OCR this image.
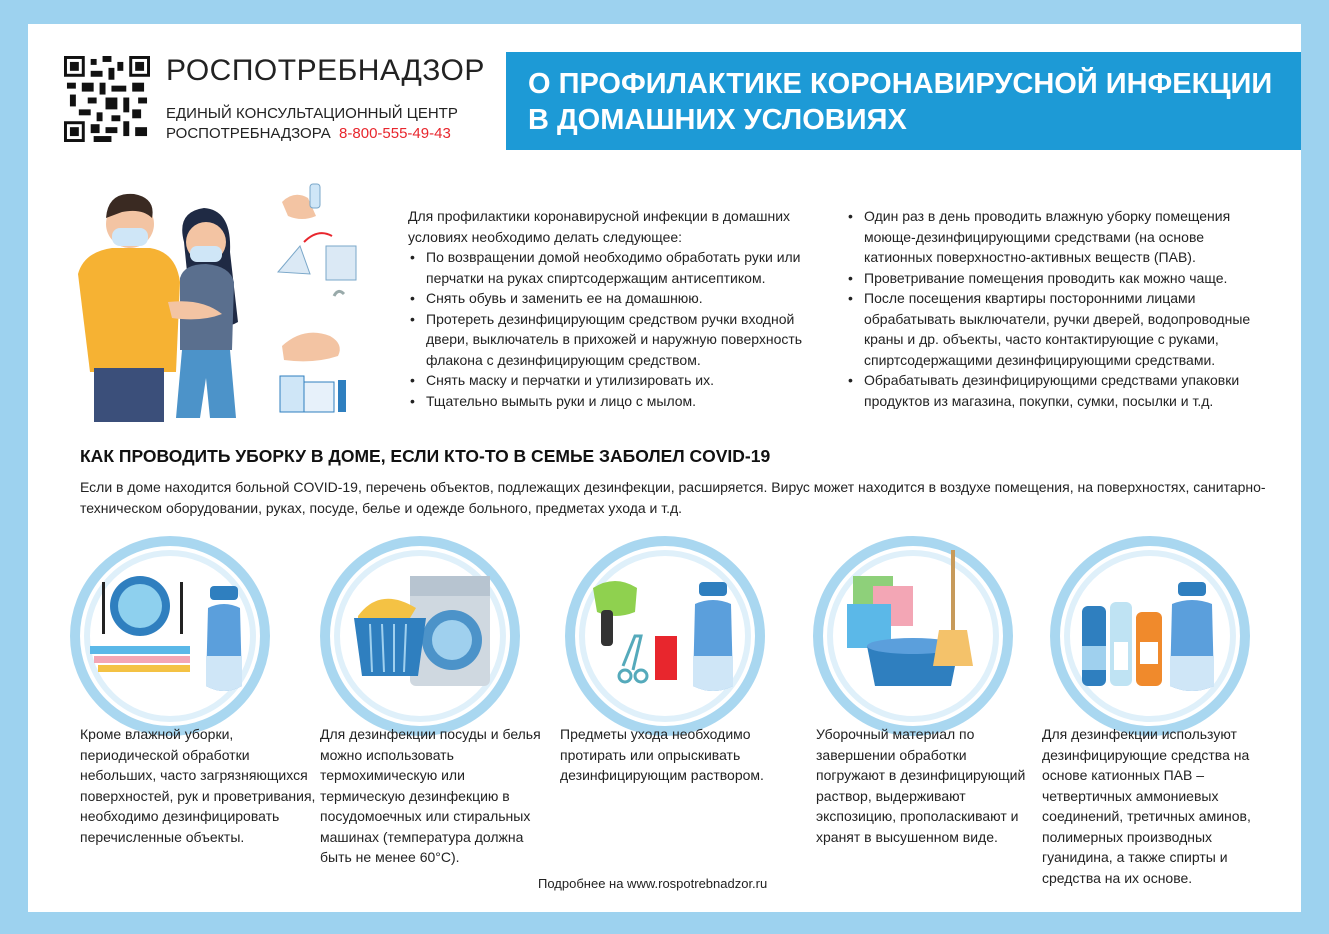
РОСПОТРЕБНАДЗОР
ЕДИНЫЙ КОНСУЛЬТАЦИОННЫЙ ЦЕНТР
РОСПОТРЕБНАДЗОРА 8-800-555-49-43
О ПРОФИЛАКТИКЕ КОРОНАВИРУСНОЙ ИНФЕКЦИИ
В ДОМАШНИХ УСЛОВИЯХ
Для профилактики коронавирусной инфекции в домашних условиях необходимо делать следующее:
• По возвращении домой необходимо обработать руки или перчатки на руках спиртсодержащим антисептиком.
• Снять обувь и заменить ее на домашнюю.
• Протереть дезинфицирующим средством ручки входной двери, выключатель в прихожей и наружную поверхность флакона с дезинфицирующим средством.
• Снять маску и перчатки и утилизировать их.
• Тщательно вымыть руки и лицо с мылом.
• Один раз в день проводить влажную уборку помещения моюще-дезинфицирующими средствами (на основе катионных поверхностно-активных веществ (ПАВ).
• Проветривание помещения проводить как можно чаще.
• После посещения квартиры посторонними лицами обрабатывать выключатели, ручки дверей, водопроводные краны и др. объекты, часто контактирующие с руками, спиртсодержащими дезинфицирующими средствами.
• Обрабатывать дезинфицирующими средствами упаковки продуктов из магазина, покупки, сумки, посылки и т.д.
КАК ПРОВОДИТЬ УБОРКУ В ДОМЕ, ЕСЛИ КТО-ТО В СЕМЬЕ ЗАБОЛЕЛ COVID-19
Если в доме находится больной COVID-19, перечень объектов, подлежащих дезинфекции, расширяется. Вирус может находится в воздухе помещения, на поверхностях, санитарно-техническом оборудовании, руках, посуде, белье и одежде больного, предметах ухода и т.д.
Кроме влажной уборки, периодической обработки небольших, часто загрязняющихся поверхностей, рук и проветривания, необходимо дезинфицировать перечисленные объекты.
Для дезинфекции посуды и белья можно использовать термохимическую или термическую дезинфекцию в посудомоечных или стиральных машинах (температура должна быть не менее 60°C).
Предметы ухода необходимо протирать или опрыскивать дезинфицирующим раствором.
Уборочный материал по завершении обработки погружают в дезинфицирующий раствор, выдерживают экспозицию, прополаскивают и хранят в высушенном виде.
Для дезинфекции используют дезинфицирующие средства на основе катионных ПАВ – четвертичных аммониевых соединений, третичных аминов, полимерных производных гуанидина, а также спирты и средства на их основе.
Подробнее на www.rospotrebnadzor.ru
